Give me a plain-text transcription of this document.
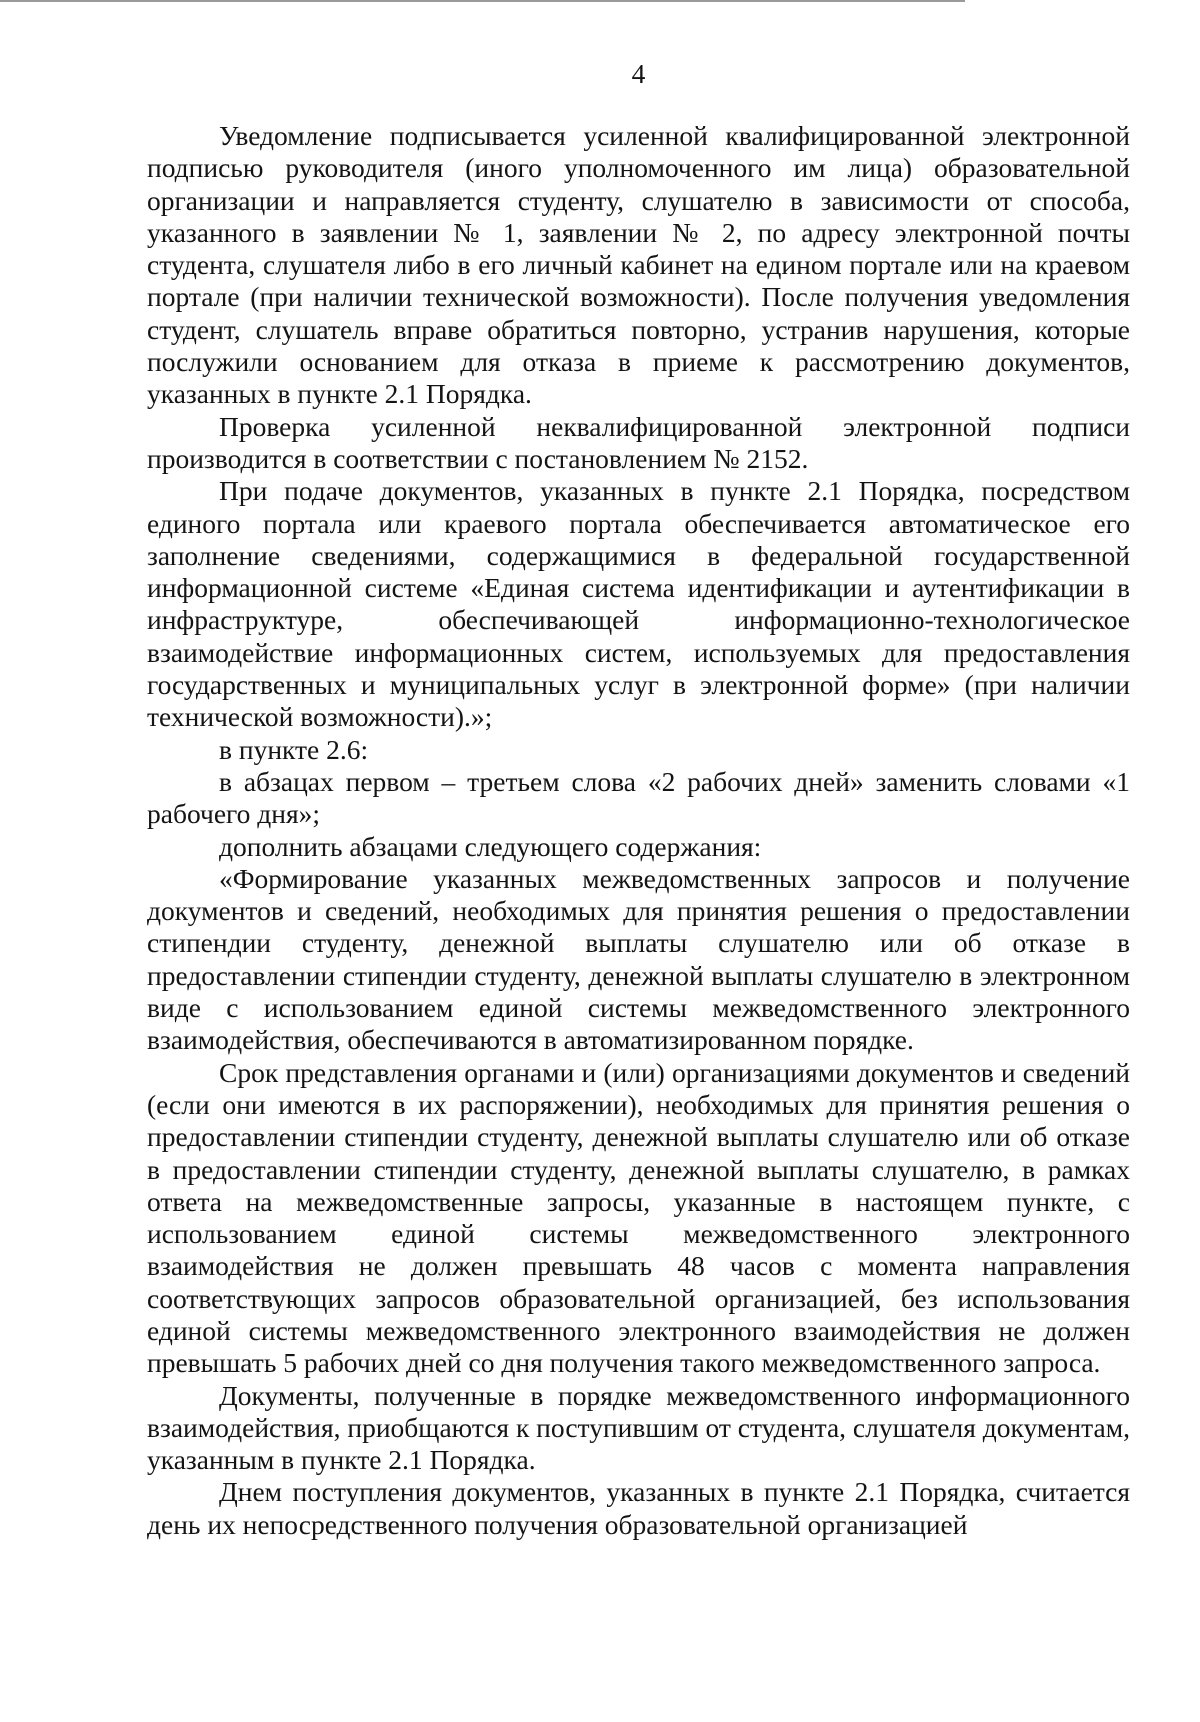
4

Уведомление подписывается усиленной квалифицированной электронной подписью руководителя (иного уполномоченного им лица) образовательной организации и направляется студенту, слушателю в зависимости от способа, указанного в заявлении № 1, заявлении № 2, по адресу электронной почты студента, слушателя либо в его личный кабинет на едином портале или на краевом портале (при наличии технической возможности). После получения уведомления студент, слушатель вправе обратиться повторно, устранив нарушения, которые послужили основанием для отказа в приеме к рассмотрению документов, указанных в пункте 2.1 Порядка.

Проверка усиленной неквалифицированной электронной подписи производится в соответствии с постановлением № 2152.

При подаче документов, указанных в пункте 2.1 Порядка, посредством единого портала или краевого портала обеспечивается автоматическое его заполнение сведениями, содержащимися в федеральной государственной информационной системе «Единая система идентификации и аутентификации в инфраструктуре, обеспечивающей информационно-технологическое взаимодействие информационных систем, используемых для предоставления государственных и муниципальных услуг в электронной форме» (при наличии технической возможности).»;

в пункте 2.6:

в абзацах первом – третьем слова «2 рабочих дней» заменить словами «1 рабочего дня»;

дополнить абзацами следующего содержания:

«Формирование указанных межведомственных запросов и получение документов и сведений, необходимых для принятия решения о предоставлении стипендии студенту, денежной выплаты слушателю или об отказе в предоставлении стипендии студенту, денежной выплаты слушателю в электронном виде с использованием единой системы межведомственного электронного взаимодействия, обеспечиваются в автоматизированном порядке.

Срок представления органами и (или) организациями документов и сведений (если они имеются в их распоряжении), необходимых для принятия решения о предоставлении стипендии студенту, денежной выплаты слушателю или об отказе в предоставлении стипендии студенту, денежной выплаты слушателю, в рамках ответа на межведомственные запросы, указанные в настоящем пункте, с использованием единой системы межведомственного электронного взаимодействия не должен превышать 48 часов с момента направления соответствующих запросов образовательной организацией, без использования единой системы межведомственного электронного взаимодействия не должен превышать 5 рабочих дней со дня получения такого межведомственного запроса.

Документы, полученные в порядке межведомственного информационного взаимодействия, приобщаются к поступившим от студента, слушателя документам, указанным в пункте 2.1 Порядка.

Днем поступления документов, указанных в пункте 2.1 Порядка, считается день их непосредственного получения образовательной организацией
